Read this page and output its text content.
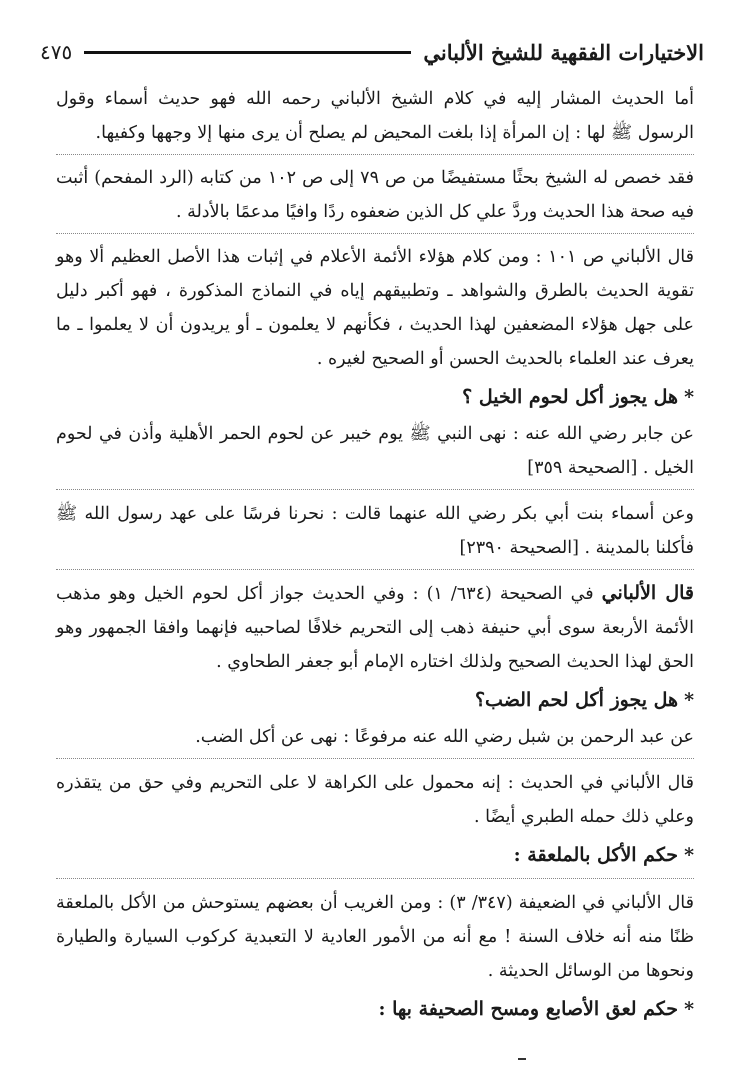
الاختيارات الفقهية للشيخ الألباني
٤٧٥

أما الحديث المشار إليه في كلام الشيخ الألباني رحمه الله فهو حديث أسماء وقول الرسول ﷺ لها : إن المرأة إذا بلغت المحيض لم يصلح أن يرى منها إلا وجهها وكفيها.

فقد خصص له الشيخ بحثًا مستفيضًا من ص ٧٩ إلى ص ١٠٢ من كتابه (الرد المفحم) أثبت فيه صحة هذا الحديث وردَّ علي كل الذين ضعفوه ردًا وافيًا مدعمًا بالأدلة .

قال الألباني ص ١٠١ : ومن كلام هؤلاء الأئمة الأعلام في إثبات هذا الأصل العظيم ألا وهو تقوية الحديث بالطرق والشواهد ـ وتطبيقهم إياه في النماذج المذكورة ، فهو أكبر دليل على جهل هؤلاء المضعفين لهذا الحديث ، فكأنهم لا يعلمون ـ أو يريدون أن لا يعلموا ـ ما يعرف عند العلماء بالحديث الحسن أو الصحيح لغيره .

*هل يجوز أكل لحوم الخيل ؟

عن جابر رضي الله عنه : نهى النبي ﷺ يوم خيبر عن لحوم الحمر الأهلية وأذن في لحوم الخيل . [الصحيحة ٣٥٩]

وعن أسماء بنت أبي بكر رضي الله عنهما قالت : نحرنا فرسًا على عهد رسول الله ﷺ فأكلنا بالمدينة . [الصحيحة ٢٣٩٠]

قال الألباني في الصحيحة (٦٣٤/ ١) : وفي الحديث جواز أكل لحوم الخيل وهو مذهب الأئمة الأربعة سوى أبي حنيفة ذهب إلى التحريم خلافًا لصاحبيه فإنهما وافقا الجمهور وهو الحق لهذا الحديث الصحيح ولذلك اختاره الإمام أبو جعفر الطحاوي .

*هل يجوز أكل لحم الضب؟

عن عبد الرحمن بن شبل رضي الله عنه مرفوعًا : نهى عن أكل الضب.

قال الألباني في الحديث : إنه محمول على الكراهة لا على التحريم وفي حق من يتقذره وعلي ذلك حمله الطبري أيضًا .

*حكم الأكل بالملعقة :

قال الألباني في الضعيفة (٣٤٧/ ٣) : ومن الغريب أن بعضهم يستوحش من الأكل بالملعقة ظنًا منه أنه خلاف السنة ! مع أنه من الأمور العادية لا التعبدية كركوب السيارة والطيارة ونحوها من الوسائل الحديثة .

*حكم لعق الأصابع ومسح الصحيفة بها :
